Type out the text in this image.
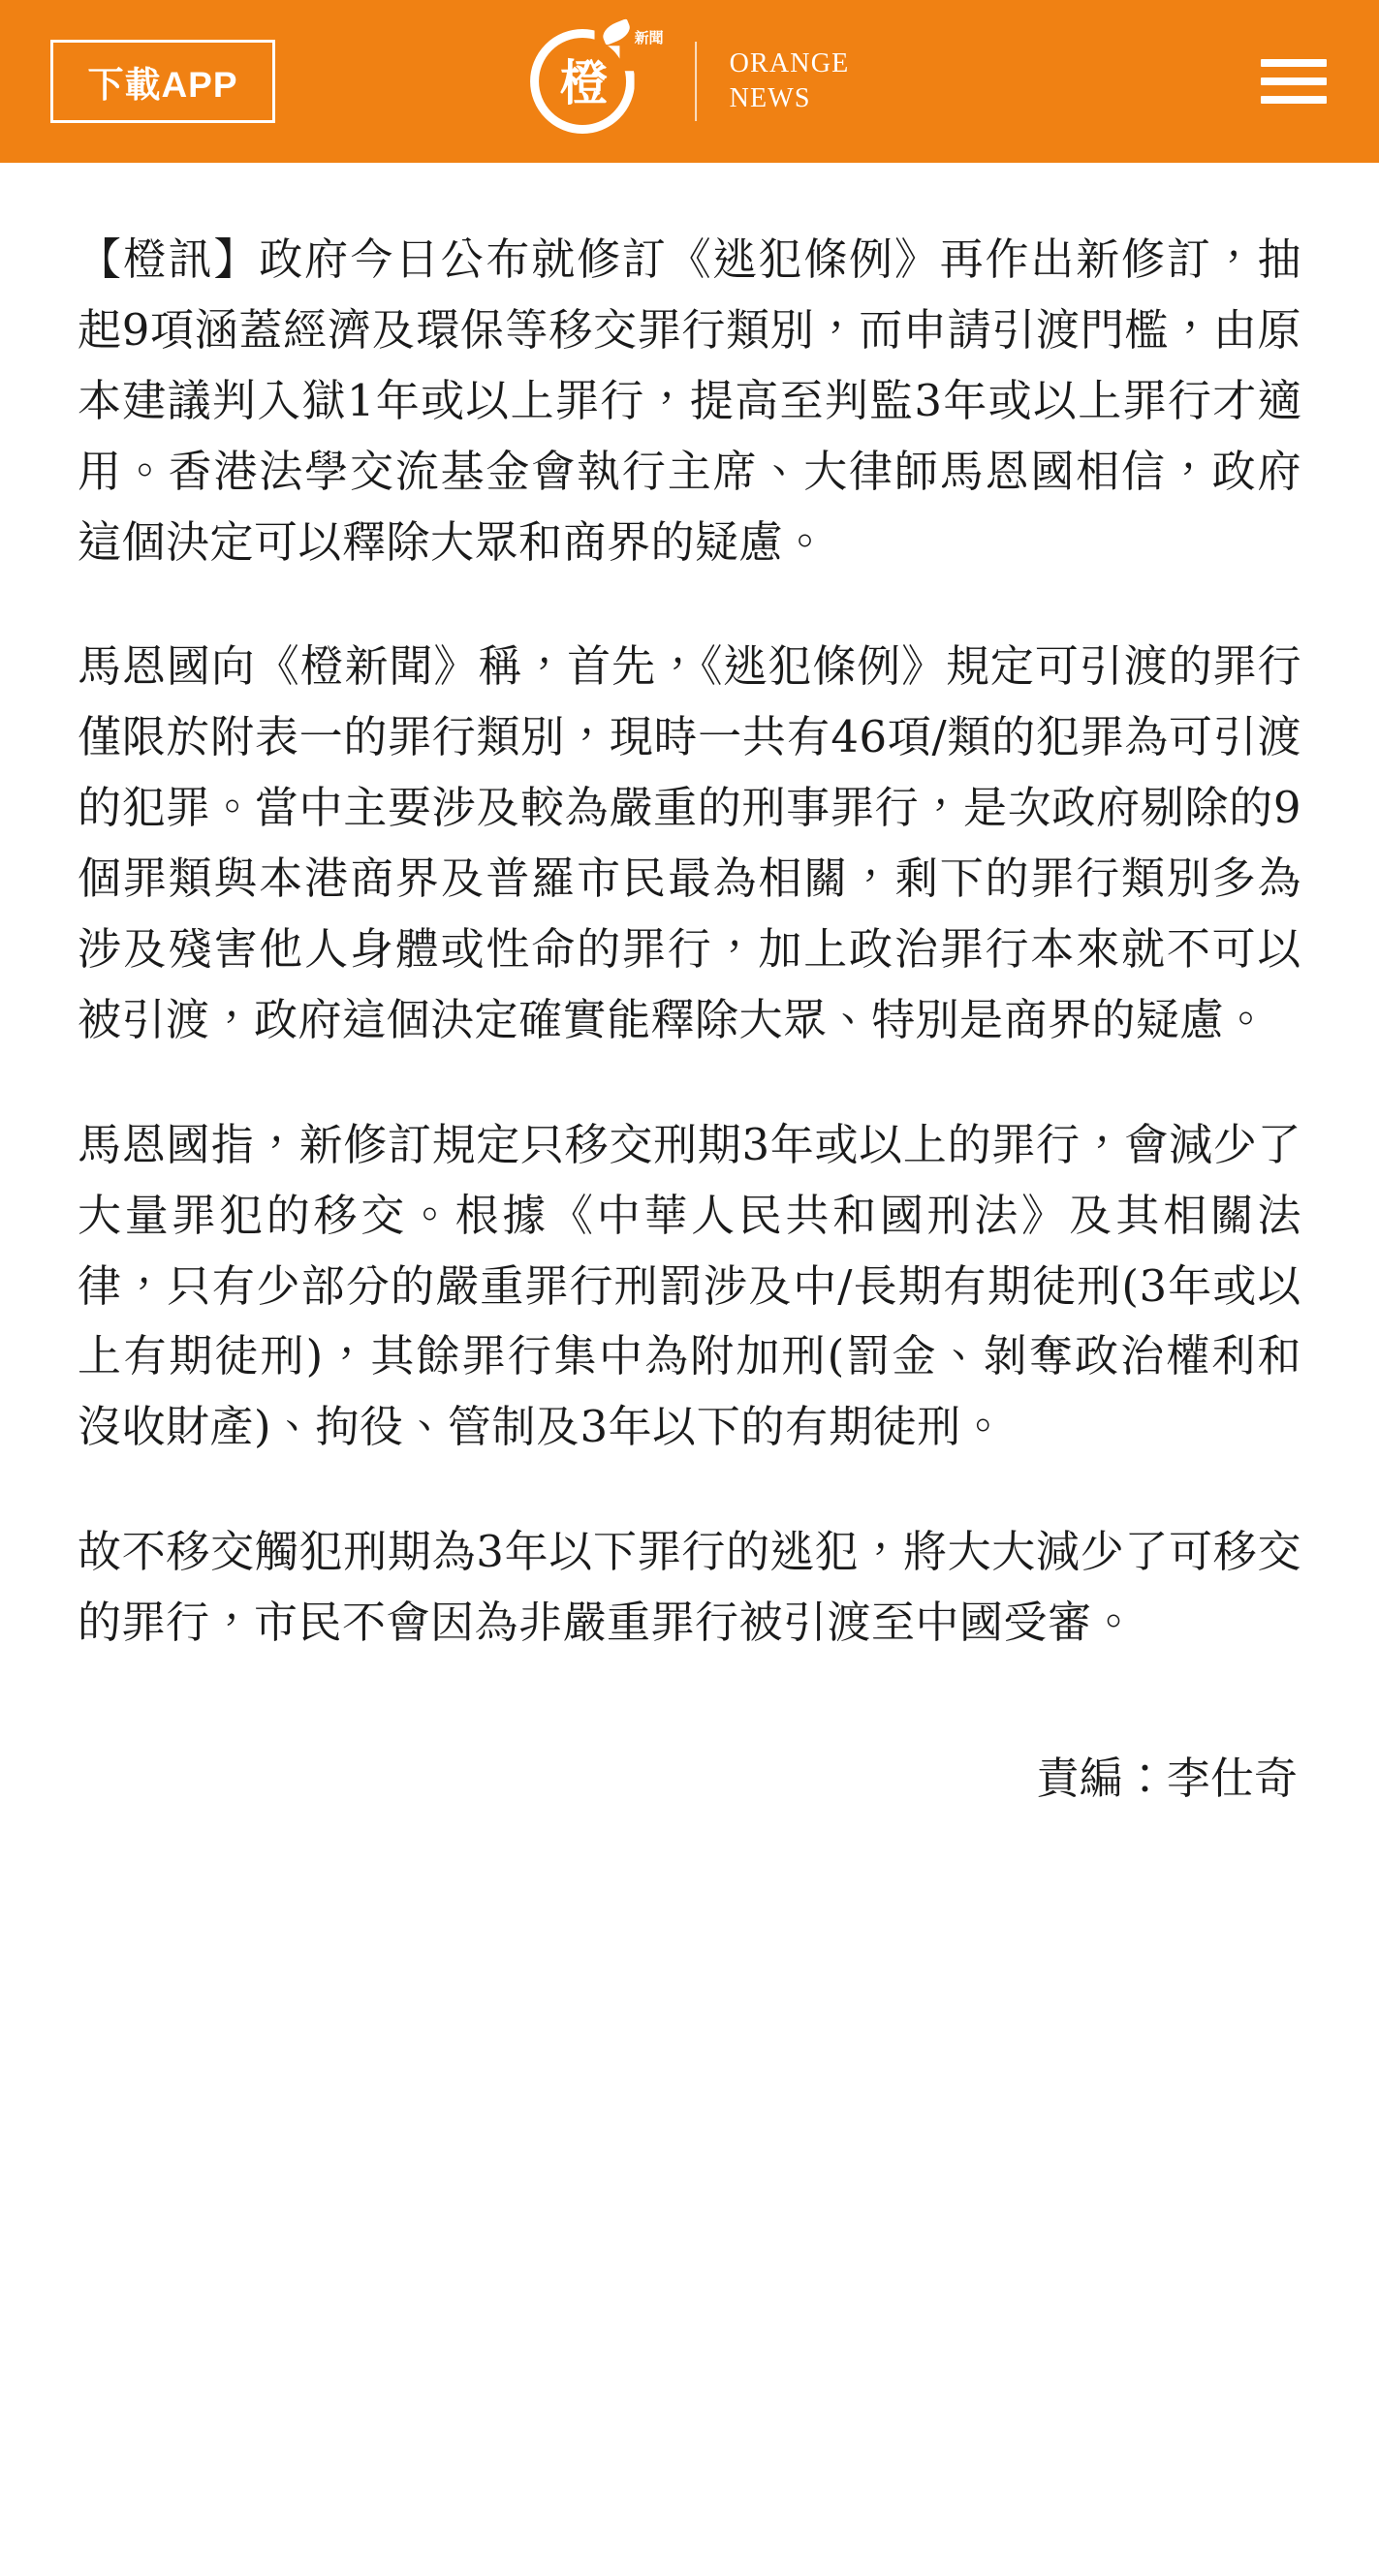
下載APP	橙
新聞
ORANGE
NEWS

【橙訊】政府今日公布就修訂《逃犯條例》再作出新修訂，抽起9項涵蓋經濟及環保等移交罪行類別，而申請引渡門檻，由原本建議判入獄1年或以上罪行，提高至判監3年或以上罪行才適用。香港法學交流基金會執行主席、大律師馬恩國相信，政府這個決定可以釋除大眾和商界的疑慮。

馬恩國向《橙新聞》稱，首先，《逃犯條例》規定可引渡的罪行僅限於附表一的罪行類別，現時一共有46項/類的犯罪為可引渡的犯罪。當中主要涉及較為嚴重的刑事罪行，是次政府剔除的9個罪類與本港商界及普羅市民最為相關，剩下的罪行類別多為涉及殘害他人身體或性命的罪行，加上政治罪行本來就不可以被引渡，政府這個決定確實能釋除大眾、特別是商界的疑慮。

馬恩國指，新修訂規定只移交刑期3年或以上的罪行，會減少了大量罪犯的移交。根據《中華人民共和國刑法》及其相關法律，只有少部分的嚴重罪行刑罰涉及中/長期有期徒刑(3年或以上有期徒刑)，其餘罪行集中為附加刑(罰金、剝奪政治權利和沒收財產)、拘役、管制及3年以下的有期徒刑。

故不移交觸犯刑期為3年以下罪行的逃犯，將大大減少了可移交的罪行，市民不會因為非嚴重罪行被引渡至中國受審。

責編：李仕奇
